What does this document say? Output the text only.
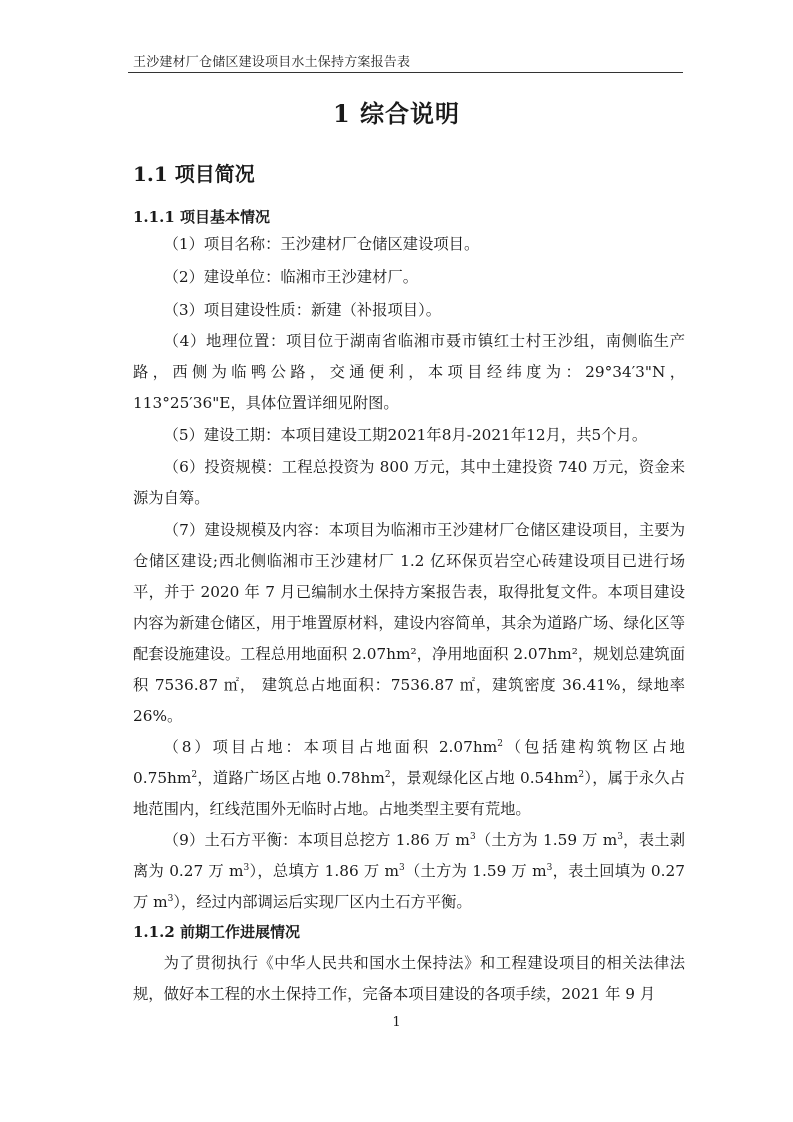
王沙建材厂仓储区建设项目水土保持方案报告表
1 综合说明
1.1 项目简况
1.1.1 项目基本情况

（1）项目名称：王沙建材厂仓储区建设项目。

（2）建设单位：临湘市王沙建材厂。

（3）项目建设性质：新建（补报项目）。

（4）地理位置：项目位于湖南省临湘市聂市镇红士村王沙组，南侧临生产路，西侧为临鸭公路，交通便利，本项目经纬度为：29°34′3"N，113°25′36"E，具体位置详细见附图。

（5）建设工期：本项目建设工期2021年8月-2021年12月，共5个月。

（6）投资规模：工程总投资为 800 万元，其中土建投资 740 万元，资金来源为自筹。

（7）建设规模及内容：本项目为临湘市王沙建材厂仓储区建设项目，主要为仓储区建设;西北侧临湘市王沙建材厂 1.2 亿环保页岩空心砖建设项目已进行场平，并于 2020 年 7 月已编制水土保持方案报告表，取得批复文件。本项目建设内容为新建仓储区，用于堆置原材料，建设内容简单，其余为道路广场、绿化区等配套设施建设。工程总用地面积 2.07hm²，净用地面积 2.07hm²，规划总建筑面积 7536.87 ㎡， 建筑总占地面积：7536.87 ㎡，建筑密度 36.41%，绿地率 26%。

（8）项目占地：本项目占地面积 $2.07hm^2$（包括建构筑物区占地 $0.75hm^2$，道路广场区占地 $0.78hm^2$，景观绿化区占地 $0.54hm^2$），属于永久占地范围内，红线范围外无临时占地。占地类型主要有荒地。

（9）土石方平衡：本项目总挖方 1.86 万 $m^3$（土方为 1.59 万 $m^3$，表土剥离为 0.27 万 $m^3$），总填方 1.86 万 $m^3$（土方为 1.59 万 $m^3$，表土回填为 0.27 万 $m^3$），经过内部调运后实现厂区内土石方平衡。

1.1.2 前期工作进展情况

为了贯彻执行《中华人民共和国水土保持法》和工程建设项目的相关法律法规，做好本工程的水土保持工作，完备本项目建设的各项手续，2021 年 9 月

1
